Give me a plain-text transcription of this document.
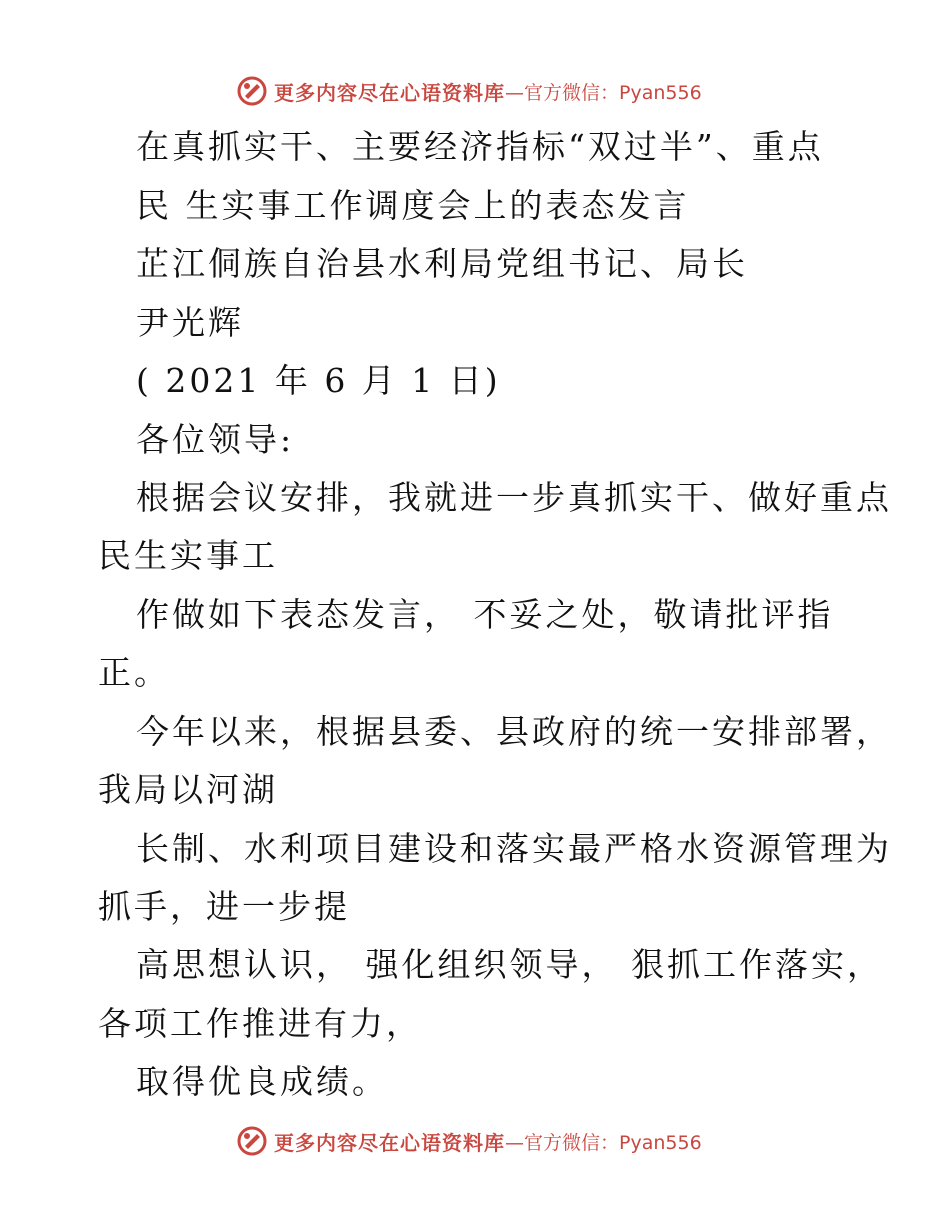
更多内容尽在心语资料库 —官方微信：Pyan556
在真抓实干、主要经济指标“双过半”、重点
民 生实事工作调度会上的表态发言
芷江侗族自治县水利局党组书记、局长
尹光辉
( 2021 年 6 月 1 日)
各位领导:
根据会议安排，我就进一步真抓实干、做好重点
民生实事工
作做如下表态发言， 不妥之处，敬请批评指
正。
今年以来，根据县委、县政府的统一安排部署，
我局以河湖
长制、水利项目建设和落实最严格水资源管理为
抓手，进一步提
高思想认识， 强化组织领导， 狠抓工作落实，
各项工作推进有力，
取得优良成绩。
更多内容尽在心语资料库 —官方微信：Pyan556
